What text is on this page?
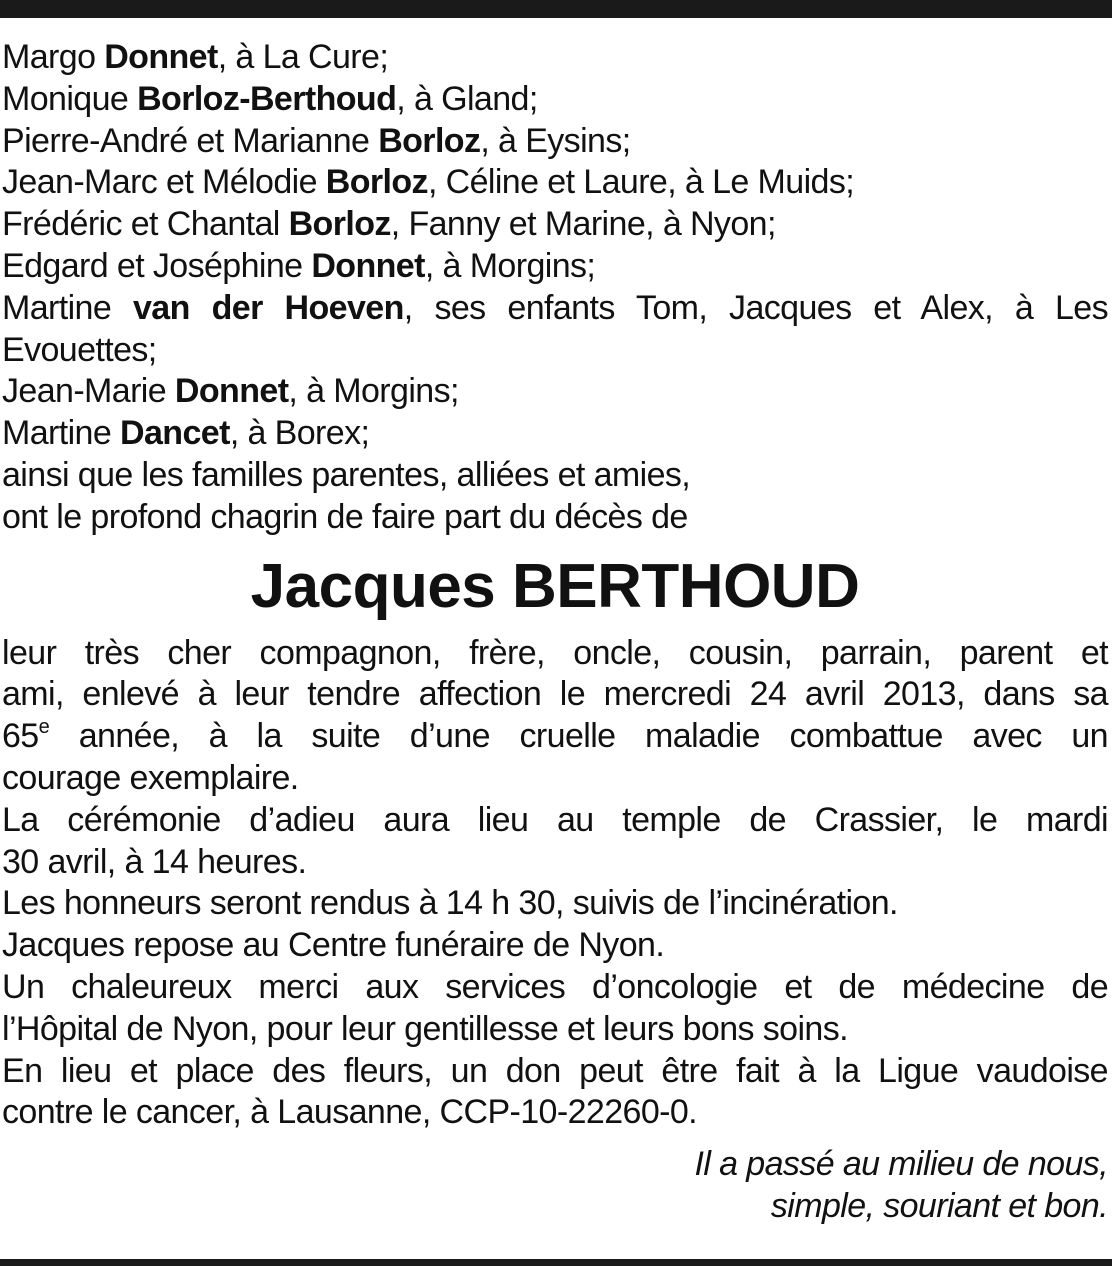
Margo Donnet, à La Cure;
Monique Borloz-Berthoud, à Gland;
Pierre-André et Marianne Borloz, à Eysins;
Jean-Marc et Mélodie Borloz, Céline et Laure, à Le Muids;
Frédéric et Chantal Borloz, Fanny et Marine, à Nyon;
Edgard et Joséphine Donnet, à Morgins;
Martine van der Hoeven, ses enfants Tom, Jacques et Alex, à Les
Evouettes;
Jean-Marie Donnet, à Morgins;
Martine Dancet, à Borex;
ainsi que les familles parentes, alliées et amies,
ont le profond chagrin de faire part du décès de
Jacques BERTHOUD
leur très cher compagnon, frère, oncle, cousin, parrain, parent et
ami, enlevé à leur tendre affection le mercredi 24 avril 2013, dans sa
65e année, à la suite d’une cruelle maladie combattue avec un
courage exemplaire.
La cérémonie d’adieu aura lieu au temple de Crassier, le mardi
30 avril, à 14 heures.
Les honneurs seront rendus à 14 h 30, suivis de l’incinération.
Jacques repose au Centre funéraire de Nyon.
Un chaleureux merci aux services d’oncologie et de médecine de
l’Hôpital de Nyon, pour leur gentillesse et leurs bons soins.
En lieu et place des fleurs, un don peut être fait à la Ligue vaudoise
contre le cancer, à Lausanne, CCP-10-22260-0.
Il a passé au milieu de nous,
simple, souriant et bon.
